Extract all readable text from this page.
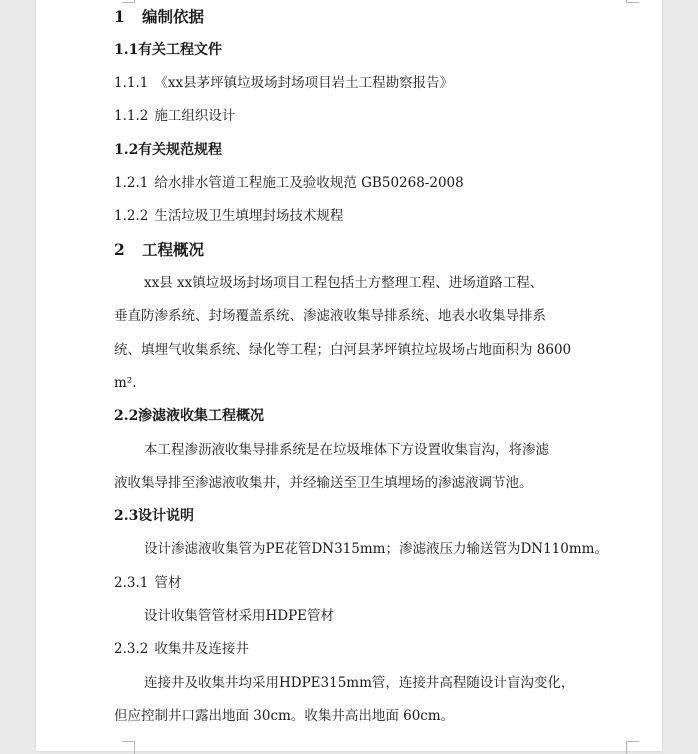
1 编制依据
1.1有关工程文件
1.1.1 《xx县茅坪镇垃圾场封场项目岩土工程勘察报告》
1.1.2 施工组织设计
1.2有关规范规程
1.2.1 给水排水管道工程施工及验收规范 GB50268-2008
1.2.2 生活垃圾卫生填埋封场技术规程
2 工程概况
xx县 xx镇垃圾场封场项目工程包括土方整理工程、进场道路工程、
垂直防渗系统、封场覆盖系统、渗滤液收集导排系统、地表水收集导排系
统、填埋气收集系统、绿化等工程；白河县茅坪镇拉垃圾场占地面积为 8600
m².
2.2渗滤液收集工程概况
本工程渗沥液收集导排系统是在垃圾堆体下方设置收集盲沟，将渗滤
液收集导排至渗滤液收集井，并经输送至卫生填埋场的渗滤液调节池。
2.3设计说明
设计渗滤液收集管为PE花管DN315mm；渗滤液压力输送管为DN110mm。
2.3.1 管材
设计收集管管材采用HDPE管材
2.3.2 收集井及连接井
连接井及收集井均采用HDPE315mm管，连接井高程随设计盲沟变化，
但应控制井口露出地面 30cm。收集井高出地面 60cm。
